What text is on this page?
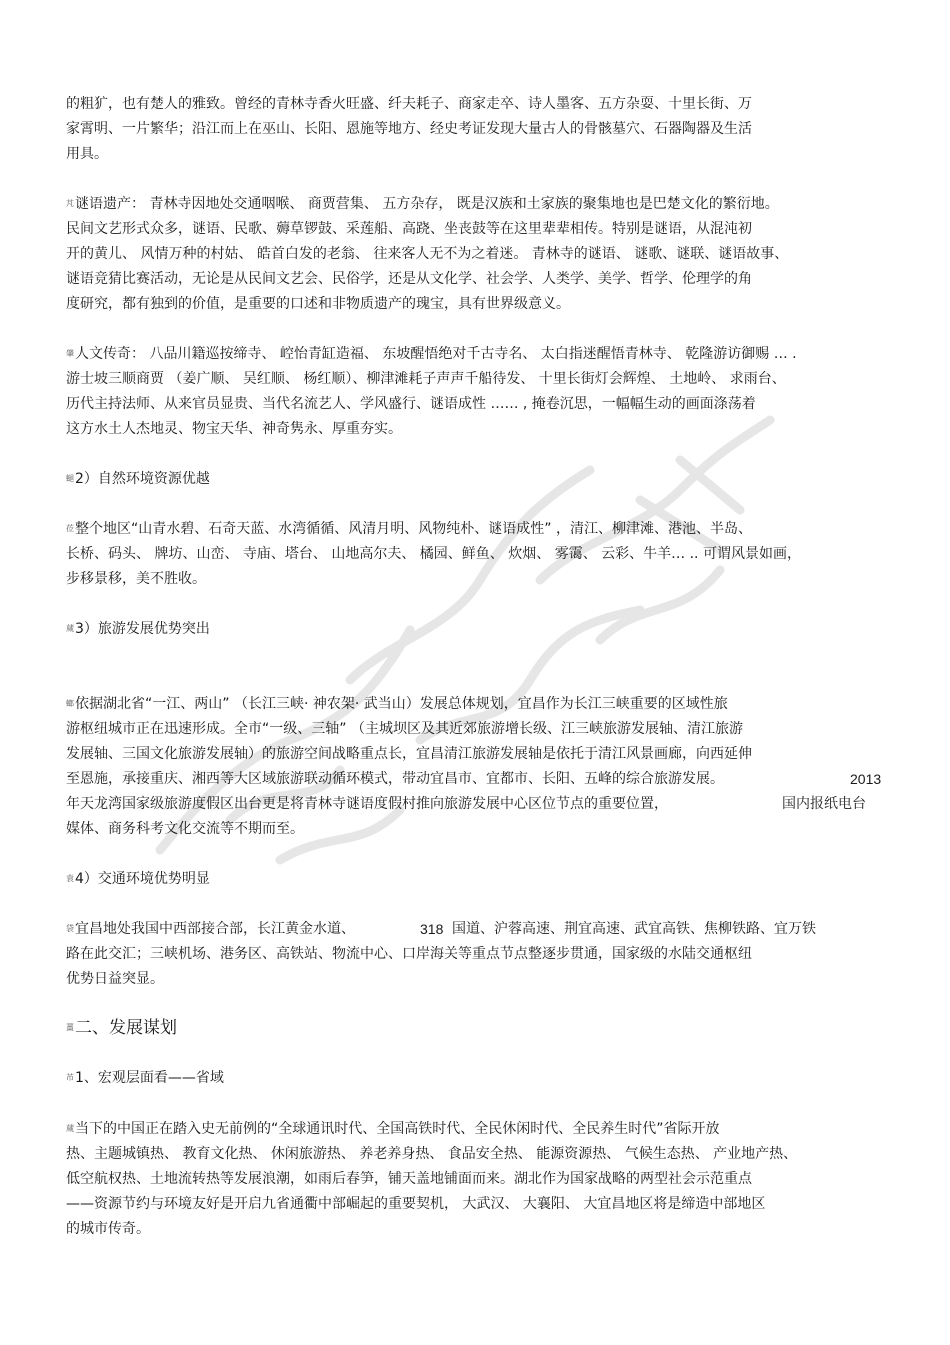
的粗犷，也有楚人的雅致。曾经的青林寺香火旺盛、纤夫耗子、商家走卒、诗人墨客、五方杂耍、十里长街、万
家霄明、一片繁华；沿江而上在巫山、长阳、恩施等地方、经史考证发现大量古人的骨骸墓穴、石器陶器及生活
用具。
芃谜语遗产： 青林寺因地处交通咽喉、 商贾营集、 五方杂存， 既是汉族和土家族的聚集地也是巴楚文化的繁衍地。
民间文艺形式众多，谜语、民歌、薅草锣鼓、采莲船、高跷、坐丧鼓等在这里辈辈相传。特别是谜语，从混沌初
开的黄儿、 风情万种的村姑、 皓首白发的老翁、 往来客人无不为之着迷。 青林寺的谜语、 谜歌、谜联、谜语故事、
谜语竞猜比赛活动，无论是从民间文艺会、民俗学，还是从文化学、社会学、人类学、美学、哲学、伦理学的角
度研究，都有独到的价值，是重要的口述和非物质遗产的瑰宝，具有世界级意义。
肇人文传奇： 八品川籍巡按缔寺、 崆怡青缸造福、 东坡醒悟绝对千古寺名、 太白指迷醒悟青林寺、 乾隆游访御赐 … .
游士坡三顺商贾 （姜广顺、 吴红顺、 杨红顺）、柳津滩耗子声声千船待发、 十里长街灯会辉煌、 土地岭、 求雨台、
历代主持法师、从来官员显贵、当代名流艺人、学风盛行、谜语成性 …… , 掩卷沉思，一幅幅生动的画面涤荡着
这方水土人杰地灵、物宝天华、神奇隽永、厚重夯实。
螁2）自然环境资源优越
莅整个地区“山青水碧、石奇天蓝、水湾循循、风清月明、风物纯朴、谜语成性” ，清江、柳津滩、港池、半岛、
长桥、码头、 牌坊、山峦、 寺庙、塔台、 山地高尔夫、 橘园、鲜鱼、 炊烟、 雾霭、 云彩、牛羊… .. 可谓风景如画，
步移景移，美不胜收。
蒇3）旅游发展优势突出
螂依据湖北省“一江、两山” （长江三峡· 神农架· 武当山）发展总体规划，宜昌作为长江三峡重要的区域性旅
游枢纽城市正在迅速形成。全市“一级、三轴” （主城坝区及其近郊旅游增长级、江三峡旅游发展轴、清江旅游
发展轴、三国文化旅游发展轴）的旅游空间战略重点长，宜昌清江旅游发展轴是依托于清江风景画廊，向西延伸
至恩施，承接重庆、湘西等大区域旅游联动循环模式，带动宜昌市、宜都市、长阳、五峰的综合旅游发展。	2013
年天龙湾国家级旅游度假区出台更是将青林寺谜语度假村推向旅游发展中心区位节点的重要位置，	国内报纸电台
媒体、商务科考文化交流等不期而至。
袁4）交通环境优势明显
袋宜昌地处我国中西部接合部，长江黄金水道、	318 国道、沪蓉高速、荆宜高速、武宜高铁、焦柳铁路、宜万铁
路在此交汇；三峡机场、港务区、高铁站、物流中心、口岸海关等重点节点整逐步贯通，国家级的水陆交通枢纽
优势日益突显。
薑二、发展谋划
芇1、宏观层面看——省域
蒇当下的中国正在踏入史无前例的“全球通讯时代、全国高铁时代、全民休闲时代、全民养生时代”省际开放
热、主题城镇热、 教育文化热、 休闲旅游热、 养老养身热、 食品安全热、 能源资源热、 气候生态热、 产业地产热、
低空航权热、土地流转热等发展浪潮，如雨后春笋，铺天盖地铺面而来。湖北作为国家战略的两型社会示范重点
——资源节约与环境友好是开启九省通衢中部崛起的重要契机， 大武汉、 大襄阳、 大宜昌地区将是缔造中部地区
的城市传奇。
